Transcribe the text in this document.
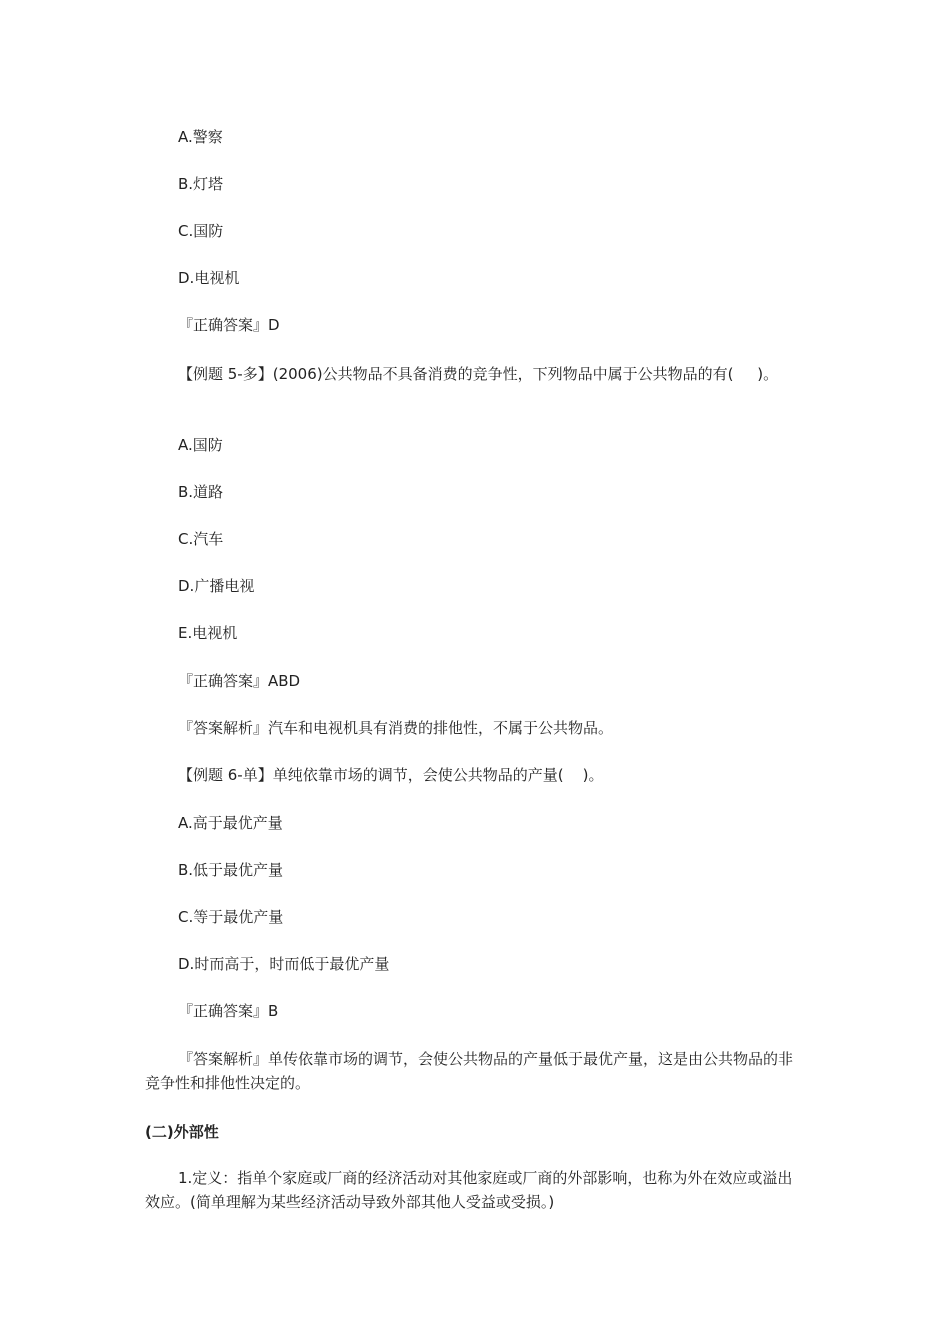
A.警察
B.灯塔
C.国防
D.电视机
『正确答案』D
【例题 5-多】(2006)公共物品不具备消费的竞争性，下列物品中属于公共物品的有(     )。
A.国防
B.道路
C.汽车
D.广播电视
E.电视机
『正确答案』ABD
『答案解析』汽车和电视机具有消费的排他性，不属于公共物品。
【例题 6-单】单纯依靠市场的调节，会使公共物品的产量(    )。
A.高于最优产量
B.低于最优产量
C.等于最优产量
D.时而高于，时而低于最优产量
『正确答案』B
『答案解析』单传依靠市场的调节，会使公共物品的产量低于最优产量，这是由公共物品的非竞争性和排他性决定的。
(二)外部性
1.定义：指单个家庭或厂商的经济活动对其他家庭或厂商的外部影响，也称为外在效应或溢出效应。(简单理解为某些经济活动导致外部其他人受益或受损。)
